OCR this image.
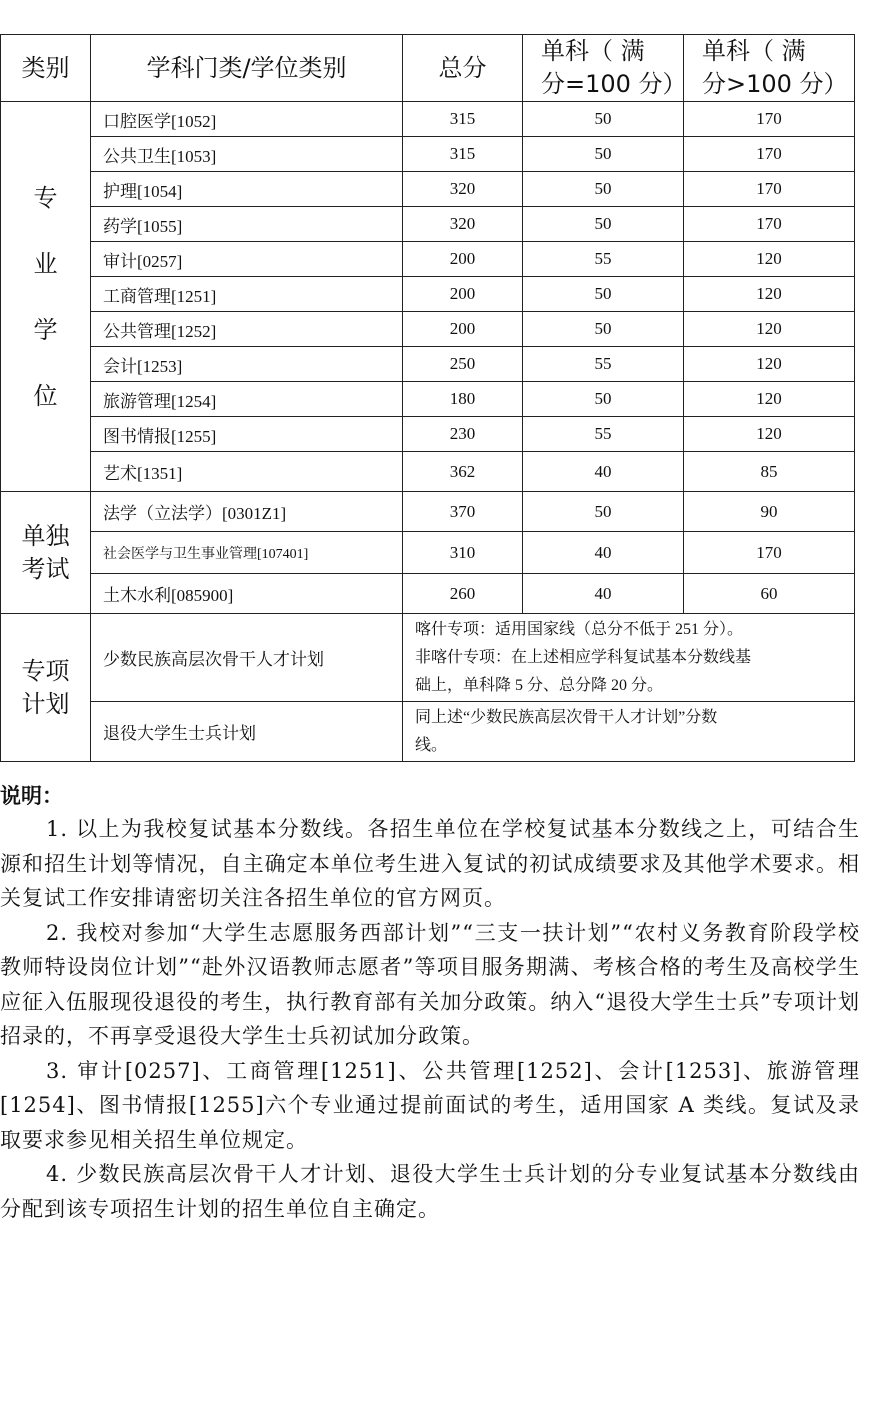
类别	学科门类/学位类别	总分	单科（ 满
分=100 分）	单科（ 满
分>100 分）

专
业
学
位	口腔医学[1052]	315	50	170
	公共卫生[1053]	315	50	170
	护理[1054]	320	50	170
	药学[1055]	320	50	170
	审计[0257]	200	55	120
	工商管理[1251]	200	50	120
	公共管理[1252]	200	50	120
	会计[1253]	250	55	120
	旅游管理[1254]	180	50	120
	图书情报[1255]	230	55	120
	艺术[1351]	362	40	85
单独
考试	法学（立法学）[0301Z1]	370	50	90
	社会医学与卫生事业管理[107401]	310	40	170
	土木水利[085900]	260	40	60
专项
计划	少数民族高层次骨干人才计划	喀什专项：适用国家线（总分不低于 251 分）。
非喀什专项：在上述相应学科复试基本分数线基
础上，单科降 5 分、总分降 20 分。		
	退役大学生士兵计划	同上述“少数民族高层次骨干人才计划”分数
线。		
说明：

1. 以上为我校复试基本分数线。各招生单位在学校复试基本分数线之上，可结合生源和招生计划等情况，自主确定本单位考生进入复试的初试成绩要求及其他学术要求。相关复试工作安排请密切关注各招生单位的官方网页。

2. 我校对参加“大学生志愿服务西部计划”“三支一扶计划”“农村义务教育阶段学校教师特设岗位计划”“赴外汉语教师志愿者”等项目服务期满、考核合格的考生及高校学生应征入伍服现役退役的考生，执行教育部有关加分政策。纳入“退役大学生士兵”专项计划招录的，不再享受退役大学生士兵初试加分政策。

3. 审计[0257]、工商管理[1251]、公共管理[1252]、会计[1253]、旅游管理[1254]、图书情报[1255]六个专业通过提前面试的考生，适用国家 A 类线。复试及录取要求参见相关招生单位规定。

4. 少数民族高层次骨干人才计划、退役大学生士兵计划的分专业复试基本分数线由分配到该专项招生计划的招生单位自主确定。
